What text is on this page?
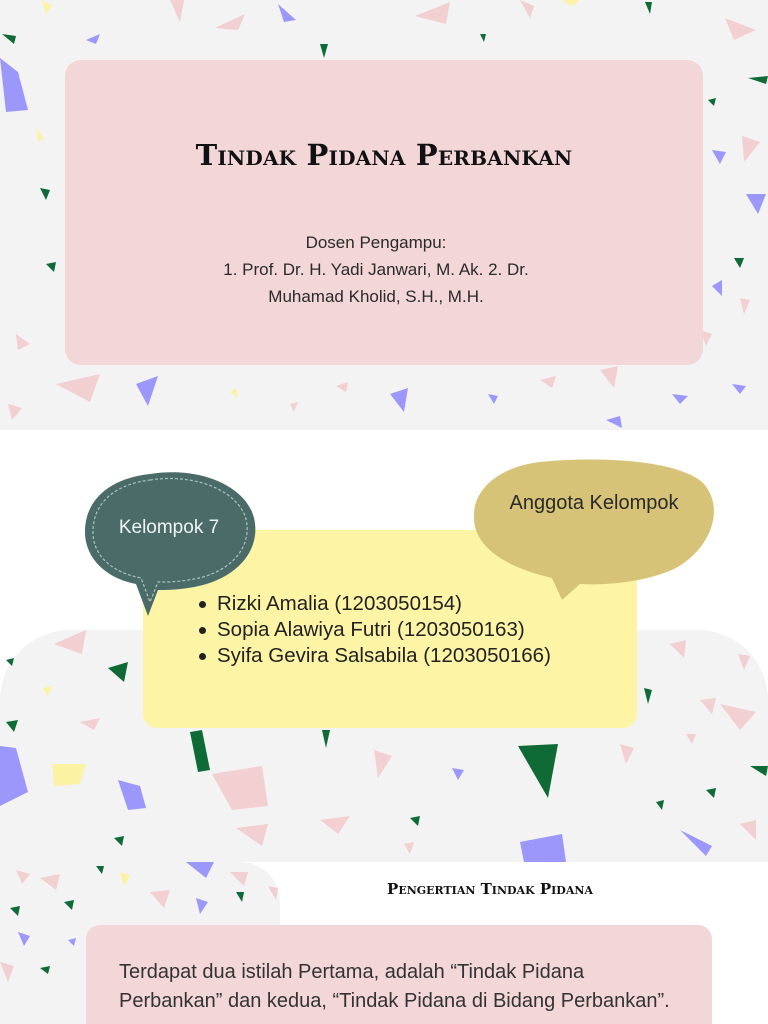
Tindak Pidana Perbankan
Dosen Pengampu:
1. Prof. Dr. H. Yadi Janwari, M. Ak. 2. Dr.
Muhamad Kholid, S.H., M.H.
Kelompok 7
Anggota Kelompok
Rizki Amalia (1203050154)
Sopia Alawiya Futri (1203050163)
Syifa Gevira Salsabila (1203050166)
Pengertian Tindak Pidana

Terdapat dua istilah Pertama, adalah “Tindak Pidana Perbankan” dan kedua, “Tindak Pidana di Bidang Perbankan”.
